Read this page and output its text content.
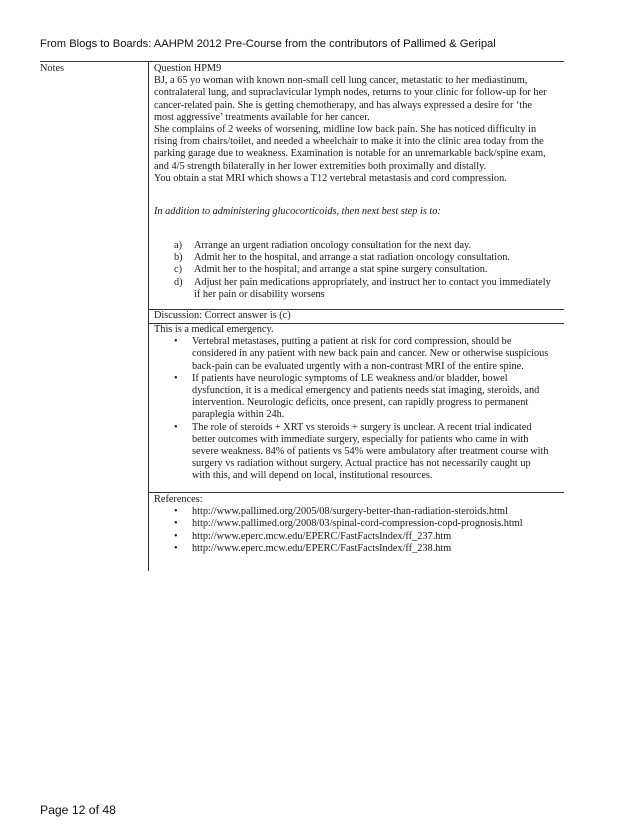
From Blogs to Boards: AAHPM 2012 Pre-Course from the contributors of Pallimed & Geripal
Notes	Question HPM9

BJ, a 65 yo woman with known non-small cell lung cancer, metastatic to her mediastinum,

contralateral lung, and supraclavicular lymph nodes, returns to your clinic for follow-up for her

cancer-related pain. She is getting chemotherapy, and has always expressed a desire for ‘the

most aggressive’ treatments available for her cancer.

She complains of 2 weeks of worsening, midline low back pain. She has noticed difficulty in

rising from chairs/toilet, and needed a wheelchair to make it into the clinic area today from the

parking garage due to weakness. Examination is notable for an unremarkable back/spine exam,

and 4/5 strength bilaterally in her lower extremities both proximally and distally.

You obtain a stat MRI which shows a T12 vertebral metastasis and cord compression.

In addition to administering glucocorticoids, then next best step is to:
a)	Arrange an urgent radiation oncology consultation for the next day.
b)	Admit her to the hospital, and arrange a stat radiation oncology consultation.
c)	Admit her to the hospital, and arrange a stat spine surgery consultation.
d)	Adjust her pain medications appropriately, and instruct her to contact you immediately
if her pain or disability worsens
Discussion: Correct answer is (c)

This is a medical emergency.

•	Vertebral metastases, putting a patient at risk for cord compression, should be
considered in any patient with new back pain and cancer. New or otherwise suspicious
back-pain can be evaluated urgently with a non-contrast MRI of the entire spine.
•	If patients have neurologic symptoms of LE weakness and/or bladder, bowel
dysfunction, it is a medical emergency and patients needs stat imaging, steroids, and
intervention. Neurologic deficits, once present, can rapidly progress to permanent
paraplegia within 24h.
•	The role of steroids + XRT vs steroids + surgery is unclear. A recent trial indicated
better outcomes with immediate surgery, especially for patients who came in with
severe weakness. 84% of patients vs 54% were ambulatory after treatment course with
surgery vs radiation without surgery. Actual practice has not necessarily caught up
with this, and will depend on local, institutional resources.

References:

•	http://www.pallimed.org/2005/08/surgery-better-than-radiation-steroids.html
•	http://www.pallimed.org/2008/03/spinal-cord-compression-copd-prognosis.html
•	http://www.eperc.mcw.edu/EPERC/FastFactsIndex/ff_237.htm
•	http://www.eperc.mcw.edu/EPERC/FastFactsIndex/ff_238.htm
Page 12 of 48
